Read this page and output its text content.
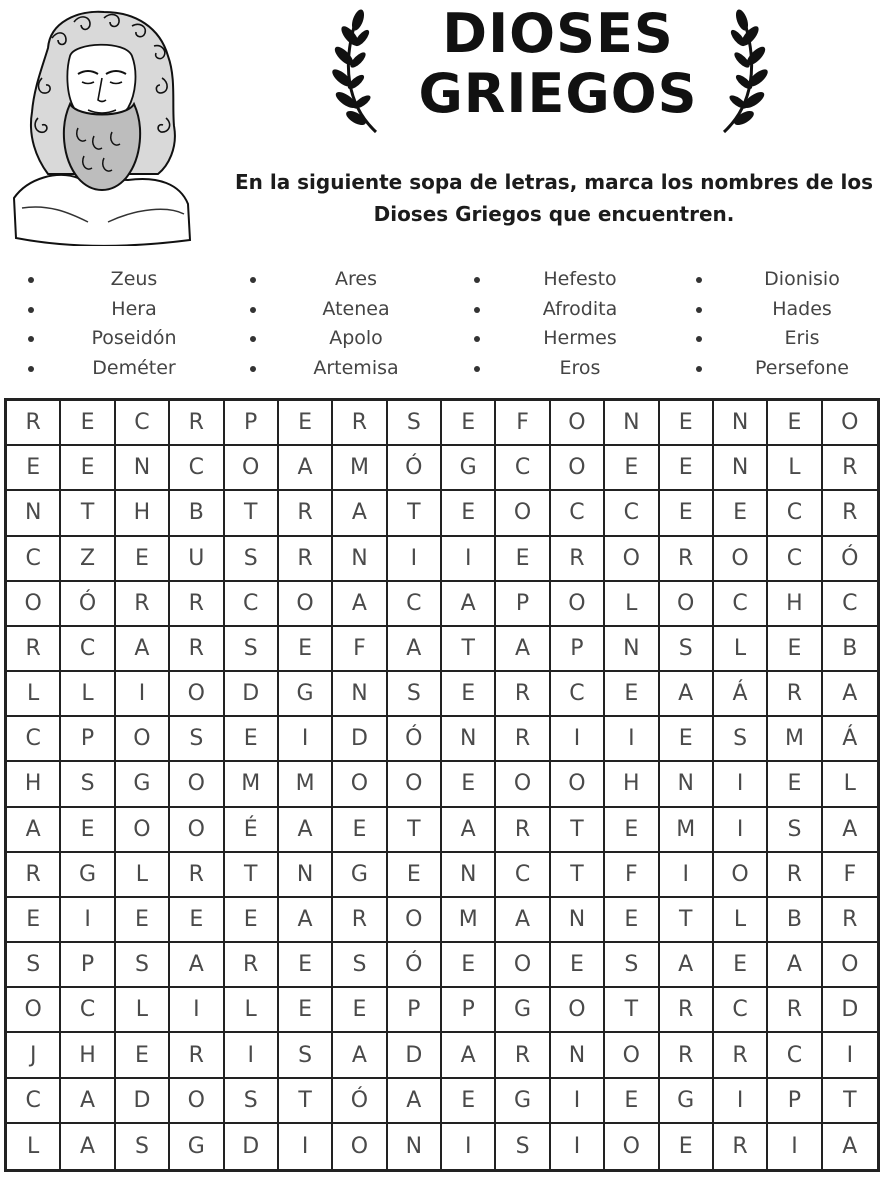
DIOSES
GRIEGOS
En la siguiente sopa de letras, marca los nombres de los Dioses Griegos que encuentren.
Zeus
Hera
Poseidón
Deméter
Ares
Atenea
Apolo
Artemisa
Hefesto
Afrodita
Hermes
Eros
Dionisio
Hades
Eris
Persefone
R	E	C	R	P	E	R	S	E	F	O	N	E	N	E	O
E	E	N	C	O	A	M	Ó	G	C	O	E	E	N	L	R
N	T	H	B	T	R	A	T	E	O	C	C	E	E	C	R
C	Z	E	U	S	R	N	I	I	E	R	O	R	O	C	Ó
O	Ó	R	R	C	O	A	C	A	P	O	L	O	C	H	C
R	C	A	R	S	E	F	A	T	A	P	N	S	L	E	B
L	L	I	O	D	G	N	S	E	R	C	E	A	Á	R	A
C	P	O	S	E	I	D	Ó	N	R	I	I	E	S	M	Á
H	S	G	O	M	M	O	O	E	O	O	H	N	I	E	L
A	E	O	O	É	A	E	T	A	R	T	E	M	I	S	A
R	G	L	R	T	N	G	E	N	C	T	F	I	O	R	F
E	I	E	E	E	A	R	O	M	A	N	E	T	L	B	R
S	P	S	A	R	E	S	Ó	E	O	E	S	A	E	A	O
O	C	L	I	L	E	E	P	P	G	O	T	R	C	R	D
J	H	E	R	I	S	A	D	A	R	N	O	R	R	C	I
C	A	D	O	S	T	Ó	A	E	G	I	E	G	I	P	T
L	A	S	G	D	I	O	N	I	S	I	O	E	R	I	A
